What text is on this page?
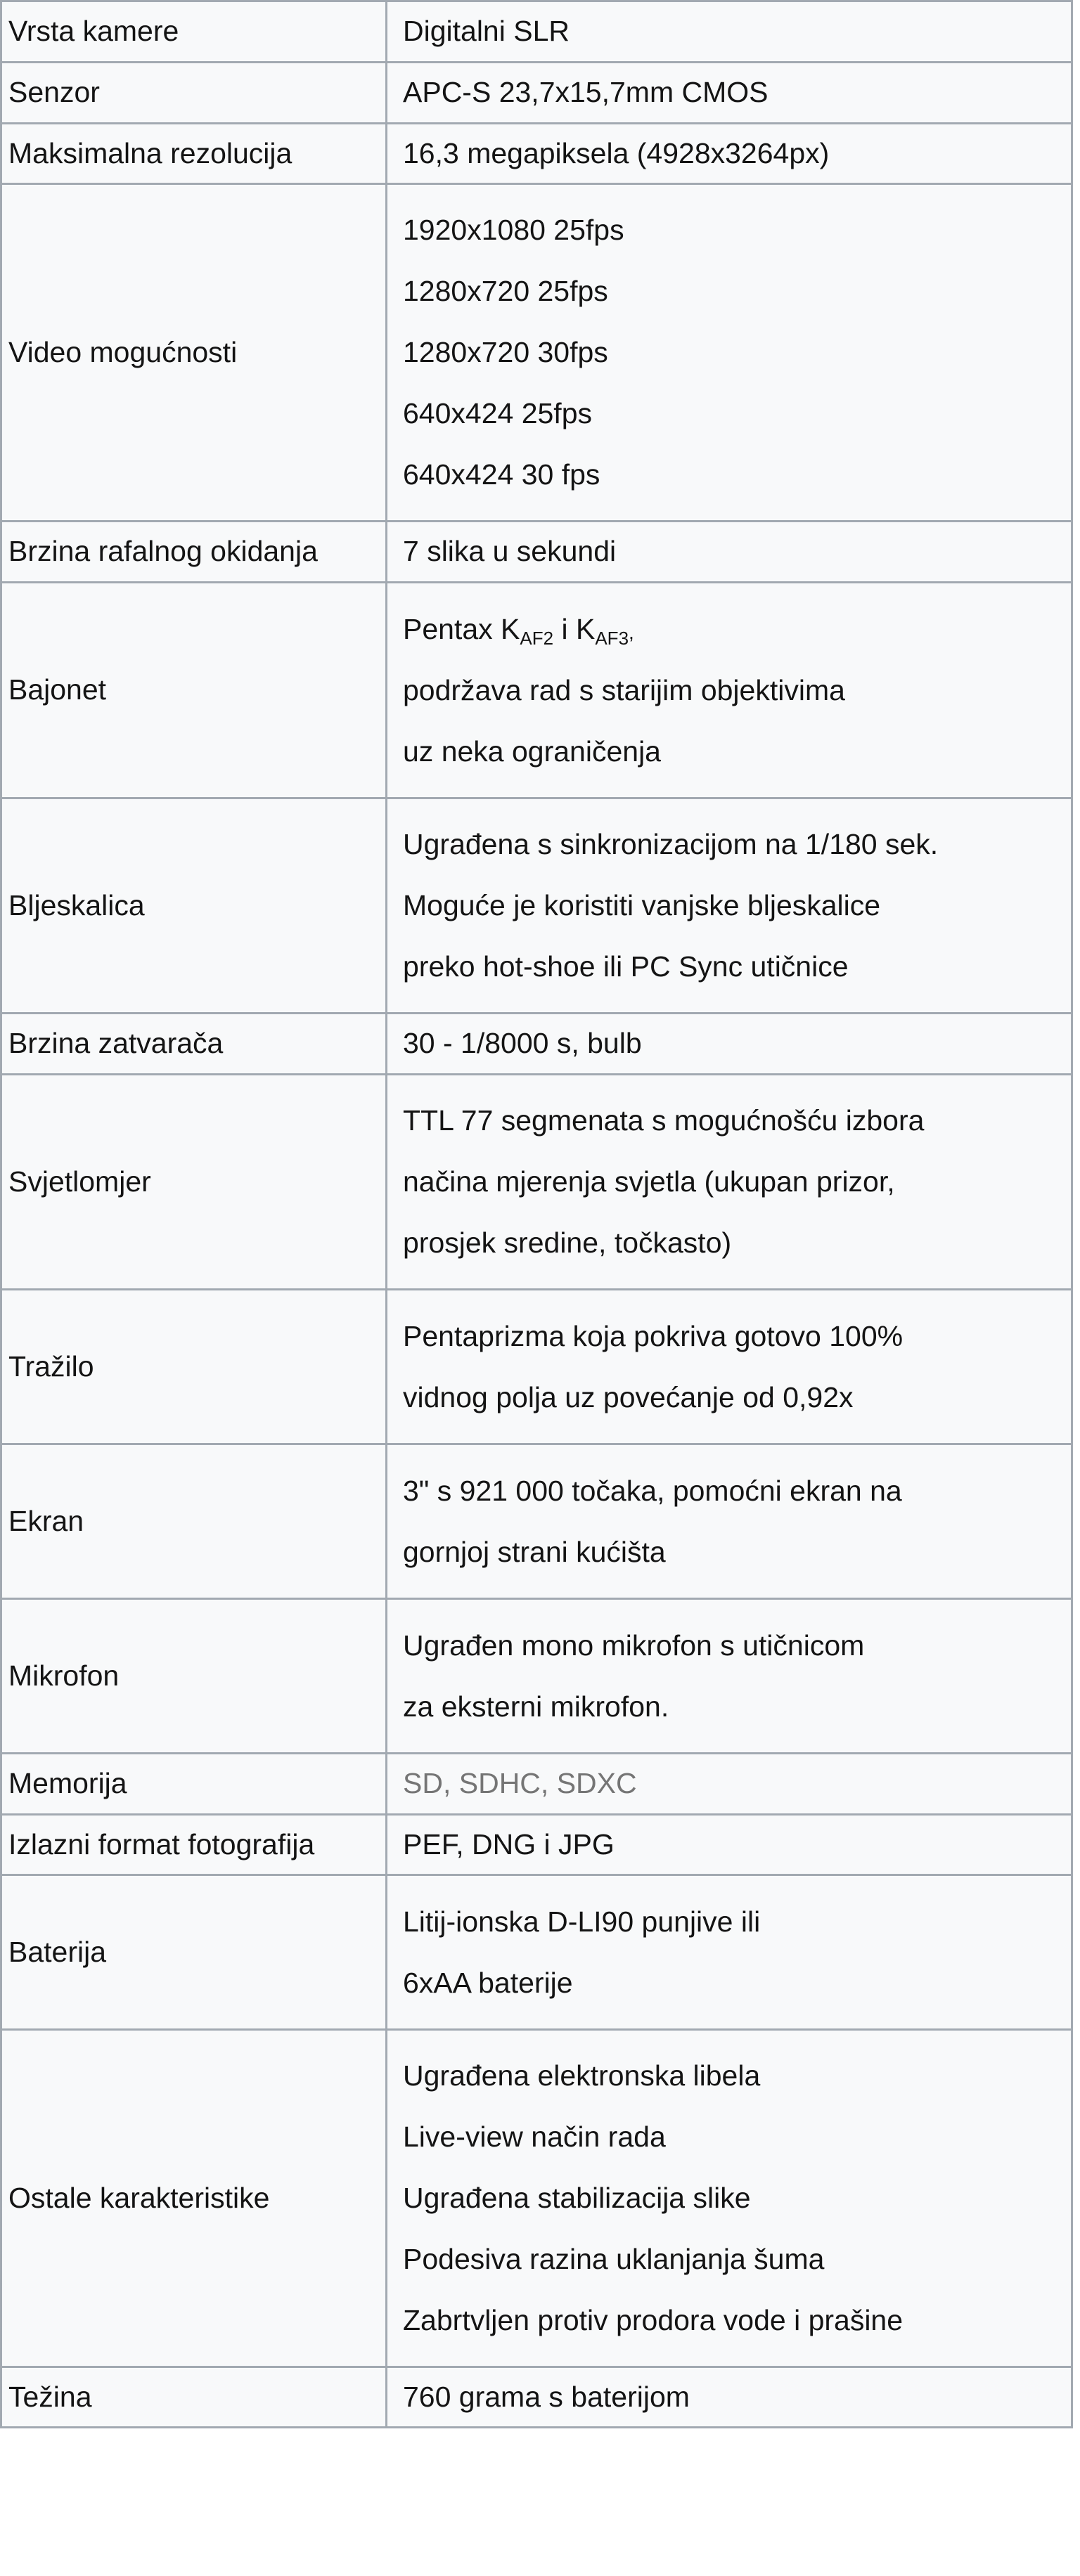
Vrsta kamere	Digitalni SLR
Senzor	APC-S 23,7x15,7mm CMOS
Maksimalna rezolucija	16,3 megapiksela (4928x3264px)
Video mogućnosti	1920x1080 25fps
1280x720 25fps
1280x720 30fps
640x424 25fps
640x424 30 fps

Brzina rafalnog okidanja	7 slika u sekundi
Bajonet	Pentax $K_{AF2}$ i $K_{AF3}$,
podržava rad s starijim objektivima
uz neka ograničenja

Bljeskalica	Ugrađena s sinkronizacijom na 1/180 sek.
Moguće je koristiti vanjske bljeskalice
preko hot-shoe ili PC Sync utičnice

Brzina zatvarača	30 - 1/8000 s, bulb
Svjetlomjer	TTL 77 segmenata s mogućnošću izbora
načina mjerenja svjetla (ukupan prizor,
prosjek sredine, točkasto)

Tražilo	Pentaprizma koja pokriva gotovo 100%
vidnog polja uz povećanje od 0,92x

Ekran	3" s 921 000 točaka, pomoćni ekran na
gornjoj strani kućišta

Mikrofon	Ugrađen mono mikrofon s utičnicom
za eksterni mikrofon.

Memorija	SD, SDHC, SDXC
Izlazni format fotografija	PEF, DNG i JPG
Baterija	Litij-ionska D-LI90 punjive ili
6xAA baterije

Ostale karakteristike	Ugrađena elektronska libela
Live-view način rada
Ugrađena stabilizacija slike
Podesiva razina uklanjanja šuma
Zabrtvljen protiv prodora vode i prašine

Težina	760 grama s baterijom
